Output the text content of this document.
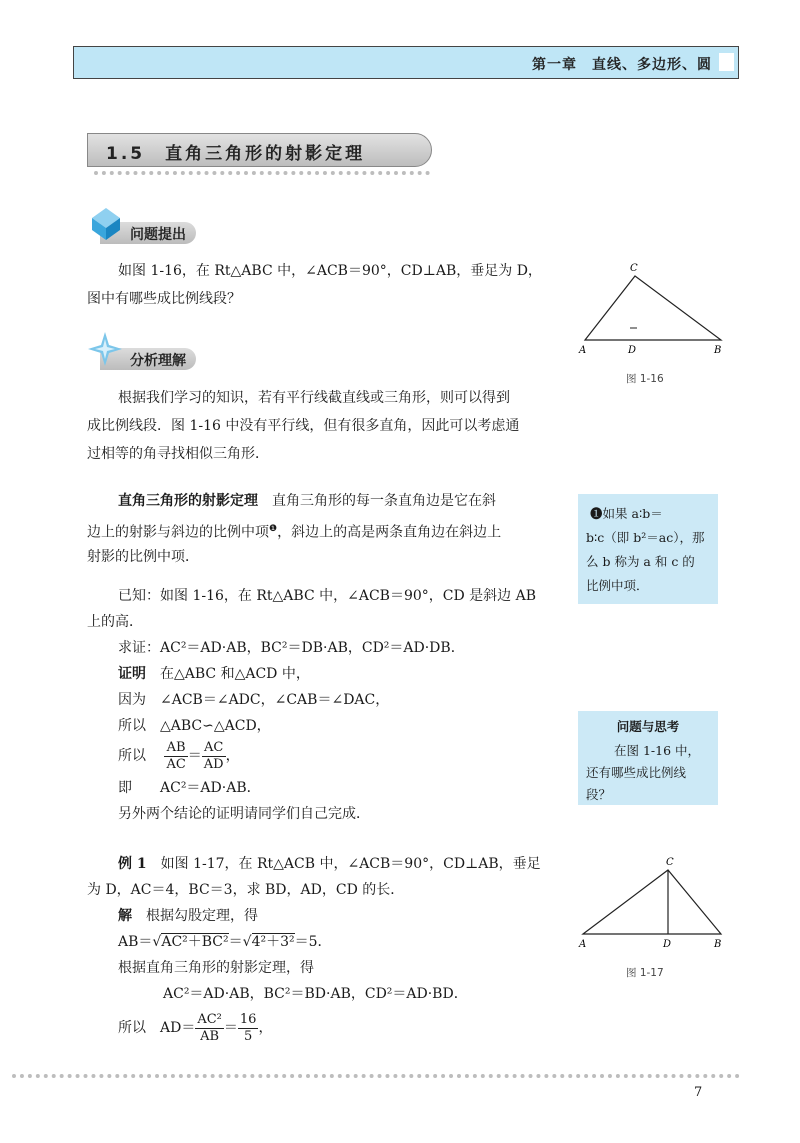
第一章　直线、多边形、圆
1.5　直角三角形的射影定理
问题提出
如图 1-16，在 Rt△ABC 中，∠ACB＝90°，CD⊥AB，垂足为 D，
图中有哪些成比例线段？
分析理解
根据我们学习的知识，若有平行线截直线或三角形，则可以得到
成比例线段．图 1-16 中没有平行线，但有很多直角，因此可以考虑通
过相等的角寻找相似三角形．
直角三角形的射影定理　 直角三角形的每一条直角边是它在斜
边上的射影与斜边的比例中项$^❶$，斜边上的高是两条直角边在斜边上
射影的比例中项．
已知：如图 1-16，在 Rt△ABC 中，∠ACB＝90°，CD 是斜边 AB
上的高．
求证：AC²＝AD·AB，BC²＝DB·AB，CD²＝AD·DB．
证明　 在△ABC 和△ACD 中，
因为　 ∠ACB＝∠ADC，∠CAB＝∠DAC，
所以　 △ABC∽△ACD，
所以　 $\frac{AB}{AC} = \frac{AC}{AD}$ ，
即　　 AC²＝AD·AB．
另外两个结论的证明请同学们自己完成．
例 1　 如图 1-17，在 Rt△ACB 中，∠ACB＝90°，CD⊥AB，垂足
为 D，AC＝4，BC＝3，求 BD，AD，CD 的长．
解　 根据勾股定理，得
AB＝√AC²＋BC²＝√4²＋3²＝5．
根据直角三角形的射影定理，得
AC²＝AD·AB，BC²＝BD·AB，CD²＝AD·BD．
所以　 $AD= \frac{\text{AC²}}{AB} = \frac{16}{5}$ ，
C
A	D	B
图 1-16
❶如果 a∶b＝
b∶c（即 b²＝ac），那
么 b 称为 a 和 c 的
比例中项．
问题与思考
在图 1-16 中，
还有哪些成比例线
段？
C
A	D	B
图 1-17
7
